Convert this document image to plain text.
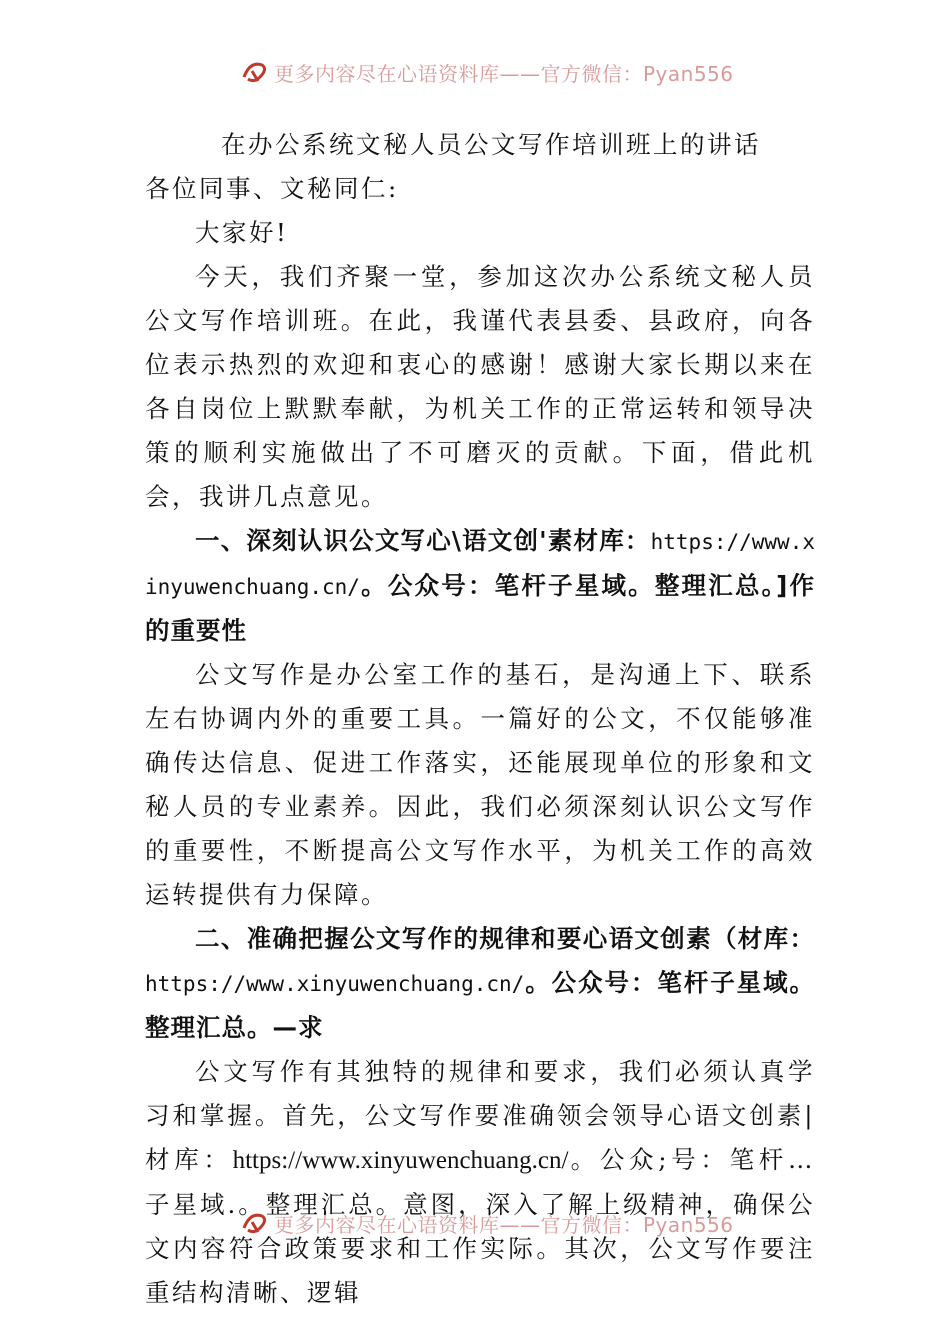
更多内容尽在心语资料库——官方微信：Pyan556

在办公系统文秘人员公文写作培训班上的讲话

各位同事、文秘同仁:

大家好!

今天，我们齐聚一堂，参加这次办公系统文秘人员公文写作培训班。在此，我谨代表县委、县政府，向各位表示热烈的欢迎和衷心的感谢！感谢大家长期以来在各自岗位上默默奉献，为机关工作的正常运转和领导决策的顺利实施做出了不可磨灭的贡献。下面，借此机会，我讲几点意见。

一、深刻认识公文写心\语文创'素材库：https://www.xinyuwenchuang.cn/。公众号：笔杆子星域。整理汇总。]作的重要性

公文写作是办公室工作的基石，是沟通上下、联系左右协调内外的重要工具。一篇好的公文，不仅能够准确传达信息、促进工作落实，还能展现单位的形象和文秘人员的专业素养。因此，我们必须深刻认识公文写作的重要性，不断提高公文写作水平，为机关工作的高效运转提供有力保障。

二、准确把握公文写作的规律和要心语文创素（材库：https://www.xinyuwenchuang.cn/。公众号：笔杆子星域。整理汇总。—求

公文写作有其独特的规律和要求，我们必须认真学习和掌握。首先，公文写作要准确领会领导心语文创素|材库：https://www.xinyuwenchuang.cn/。公众;号：笔杆…子星域.。整理汇总。意图，深入了解上级精神，确保公文内容符合政策要求和工作实际。其次，公文写作要注重结构清晰、逻辑

更多内容尽在心语资料库——官方微信：Pyan556
